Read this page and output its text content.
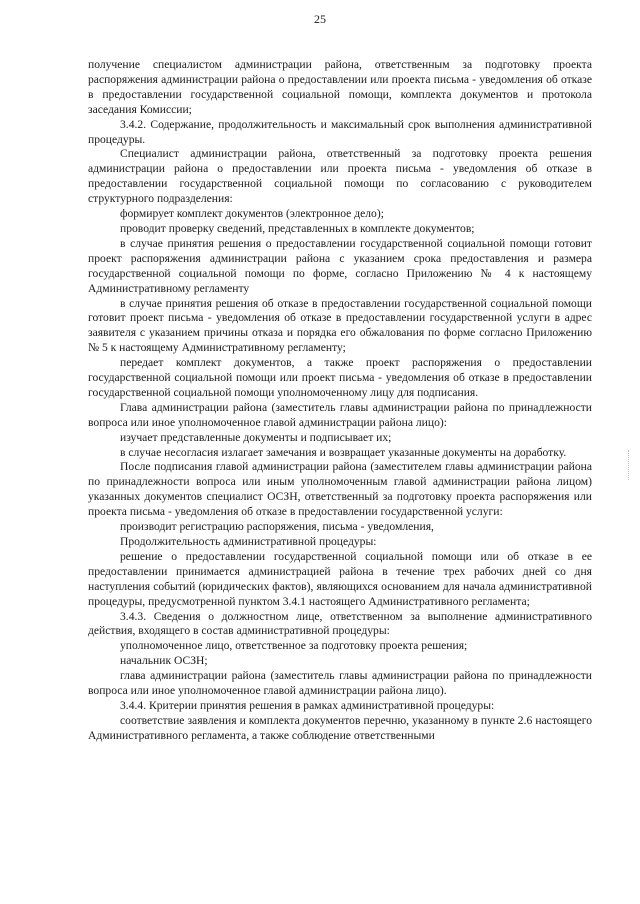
25

получение специалистом администрации района, ответственным за подготовку проекта распоряжения администрации района о предоставлении или проекта письма - уведомления об отказе в предоставлении государственной социальной помощи, комплекта документов и протокола заседания Комиссии;

3.4.2. Содержание, продолжительность и максимальный срок выполнения административной процедуры.

Специалист администрации района, ответственный за подготовку проекта решения администрации района о предоставлении или проекта письма - уведомления об отказе в предоставлении государственной социальной помощи по согласованию с руководителем структурного подразделения:

формирует комплект документов (электронное дело);

проводит проверку сведений, представленных в комплекте документов;

в случае принятия решения о предоставлении государственной социальной помощи готовит проект распоряжения администрации района с указанием срока предоставления и размера государственной социальной помощи по форме, согласно Приложению № 4 к настоящему Административному регламенту

в случае принятия решения об отказе в предоставлении государственной социальной помощи готовит проект письма - уведомления об отказе в предоставлении государственной услуги в адрес заявителя с указанием причины отказа и порядка его обжалования по форме согласно Приложению № 5 к настоящему Административному регламенту;

передает комплект документов, а также проект распоряжения о предоставлении государственной социальной помощи или проект письма - уведомления об отказе в предоставлении государственной социальной помощи уполномоченному лицу для подписания.

Глава администрации района (заместитель главы администрации района по принадлежности вопроса или иное уполномоченное главой администрации района лицо):

изучает представленные документы и подписывает их;

в случае несогласия излагает замечания и возвращает указанные документы на доработку.

После подписания главой администрации района (заместителем главы администрации района по принадлежности вопроса или иным уполномоченным главой администрации района лицом) указанных документов специалист ОСЗН, ответственный за подготовку проекта распоряжения или проекта письма - уведомления об отказе в предоставлении государственной услуги:

производит регистрацию распоряжения, письма - уведомления,

Продолжительность административной процедуры:

решение о предоставлении государственной социальной помощи или об отказе в ее предоставлении принимается администрацией района в течение трех рабочих дней со дня наступления событий (юридических фактов), являющихся основанием для начала административной процедуры, предусмотренной пунктом 3.4.1 настоящего Административного регламента;

3.4.3. Сведения о должностном лице, ответственном за выполнение административного действия, входящего в состав административной процедуры:

уполномоченное лицо, ответственное за подготовку проекта решения;

начальник ОСЗН;

глава администрации района (заместитель главы администрации района по принадлежности вопроса или иное уполномоченное главой администрации района лицо).

3.4.4. Критерии принятия решения в рамках административной процедуры:

соответствие заявления и комплекта документов перечню, указанному в пункте 2.6 настоящего Административного регламента, а также соблюдение ответственными
